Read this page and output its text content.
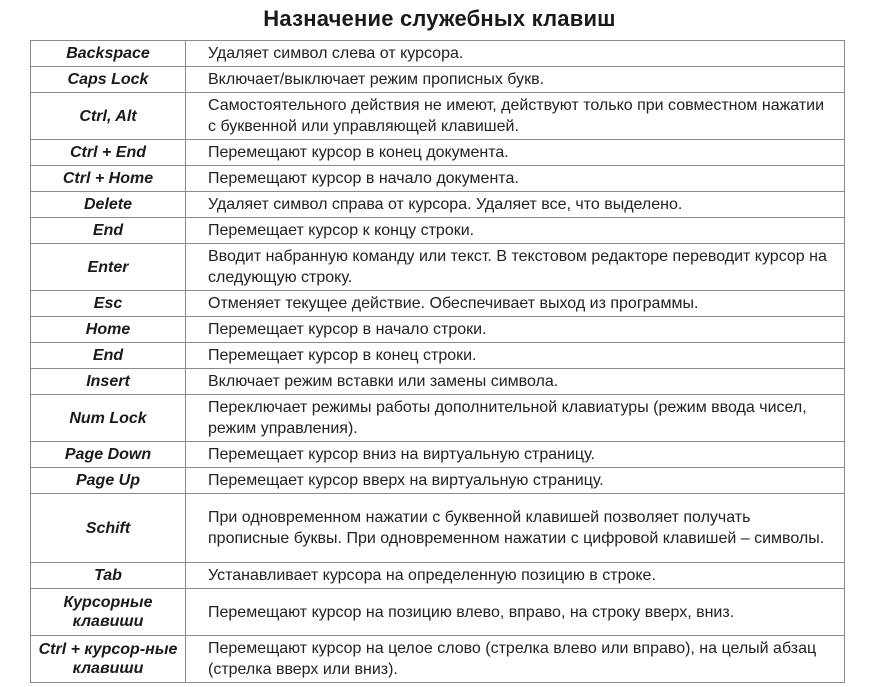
Назначение служебных клавиш
Backspace	Удаляет символ слева от курсора.
Caps Lock	Включает/выключает режим прописных букв.
Ctrl, Alt	Самостоятельного действия не имеют, действуют только при совместном нажатии с буквенной или управляющей клавишей.
Ctrl + End	Перемещают курсор в конец документа.
Ctrl + Home	Перемещают курсор в начало документа.
Delete	Удаляет символ справа от курсора. Удаляет все, что выделено.
End	Перемещает курсор к концу строки.
Enter	Вводит набранную команду или текст. В текстовом редакторе переводит курсор на следующую строку.
Esc	Отменяет текущее действие. Обеспечивает выход из программы.
Home	Перемещает курсор в начало строки.
End	Перемещает курсор в конец строки.
Insert	Включает режим вставки или замены символа.
Num Lock	Переключает режимы работы дополнительной клавиатуры (режим ввода чисел, режим управления).
Page Down	Перемещает курсор вниз на виртуальную страницу.
Page Up	Перемещает курсор вверх на виртуальную страницу.
Schift	При одновременном нажатии с буквенной клавишей позволяет получать прописные буквы. При одновременном нажатии с цифровой клавишей – символы.
Tab	Устанавливает курсора на определенную позицию в строке.
Курсорные клавиши	Перемещают курсор на позицию влево, вправо, на строку вверх, вниз.
Ctrl + курсор-ные клавиши	Перемещают курсор на целое слово (стрелка влево или вправо), на целый абзац (стрелка вверх или вниз).
